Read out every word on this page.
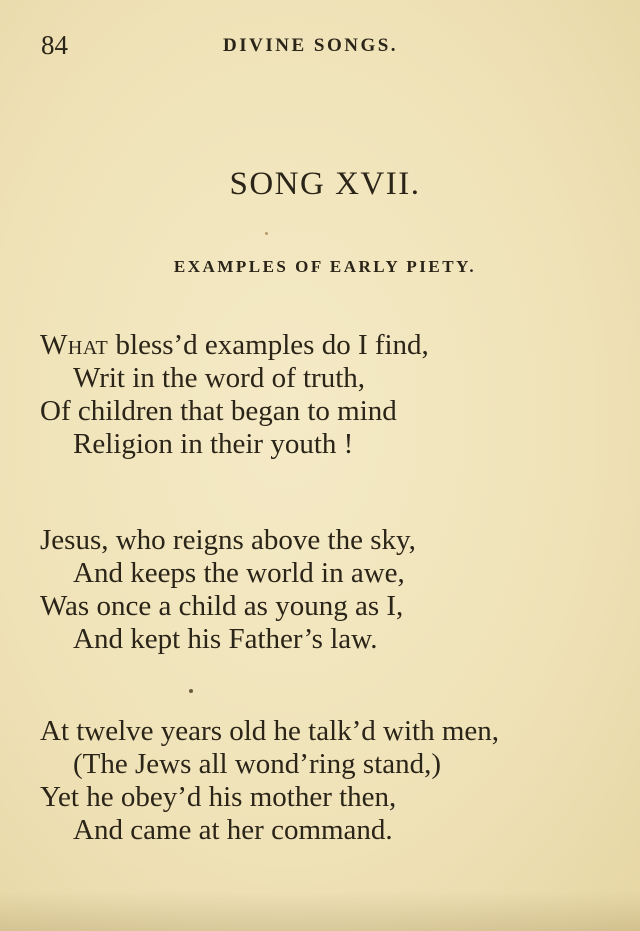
84	DIVINE SONGS.
SONG XVII.
EXAMPLES OF EARLY PIETY.
What bless’d examples do I find,
Writ in the word of truth,
Of children that began to mind
Religion in their youth !
Jesus, who reigns above the sky,
And keeps the world in awe,
Was once a child as young as I,
And kept his Father’s law.
At twelve years old he talk’d with men,
(The Jews all wond’ring stand,)
Yet he obey’d his mother then,
And came at her command.
